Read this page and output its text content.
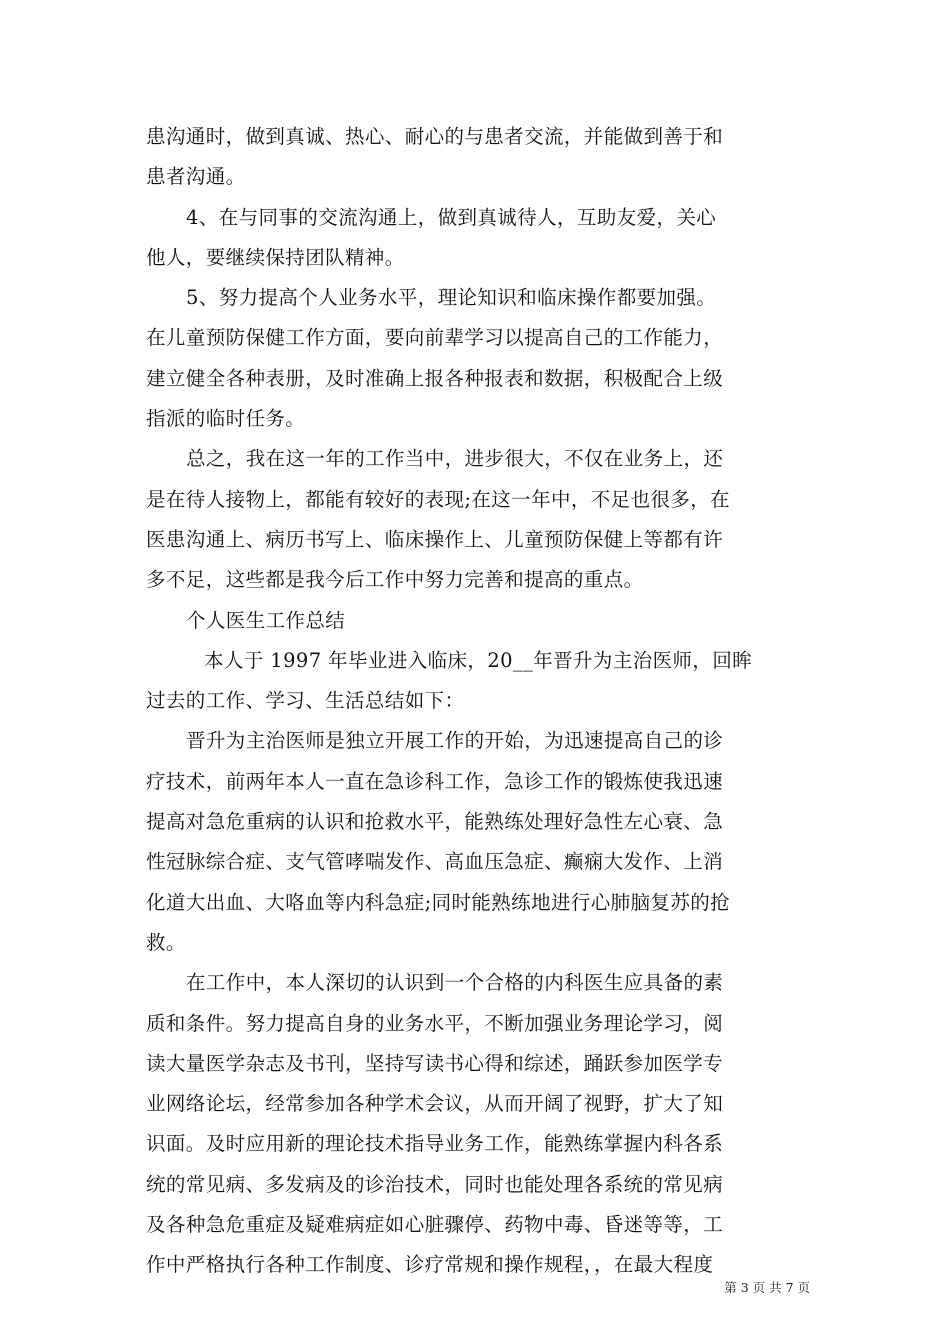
患沟通时，做到真诚、热心、耐心的与患者交流，并能做到善于和
患者沟通。
4、在与同事的交流沟通上，做到真诚待人，互助友爱，关心
他人，要继续保持团队精神。
5、努力提高个人业务水平，理论知识和临床操作都要加强。
在儿童预防保健工作方面，要向前辈学习以提高自己的工作能力，
建立健全各种表册，及时准确上报各种报表和数据，积极配合上级
指派的临时任务。
总之，我在这一年的工作当中，进步很大，不仅在业务上，还
是在待人接物上，都能有较好的表现;在这一年中，不足也很多，在
医患沟通上、病历书写上、临床操作上、儿童预防保健上等都有许
多不足，这些都是我今后工作中努力完善和提高的重点。
个人医生工作总结
本人于 1997 年毕业进入临床，20__年晋升为主治医师，回眸
过去的工作、学习、生活总结如下：
晋升为主治医师是独立开展工作的开始，为迅速提高自己的诊
疗技术，前两年本人一直在急诊科工作，急诊工作的锻炼使我迅速
提高对急危重病的认识和抢救水平，能熟练处理好急性左心衰、急
性冠脉综合症、支气管哮喘发作、高血压急症、癫痫大发作、上消
化道大出血、大咯血等内科急症;同时能熟练地进行心肺脑复苏的抢
救。
在工作中，本人深切的认识到一个合格的内科医生应具备的素
质和条件。努力提高自身的业务水平，不断加强业务理论学习，阅
读大量医学杂志及书刊，坚持写读书心得和综述，踊跃参加医学专
业网络论坛，经常参加各种学术会议，从而开阔了视野，扩大了知
识面。及时应用新的理论技术指导业务工作，能熟练掌握内科各系
统的常见病、多发病及的诊治技术，同时也能处理各系统的常见病
及各种急危重症及疑难病症如心脏骤停、药物中毒、昏迷等等，工
作中严格执行各种工作制度、诊疗常规和操作规程，，在最大程度
第 3 页 共 7 页
